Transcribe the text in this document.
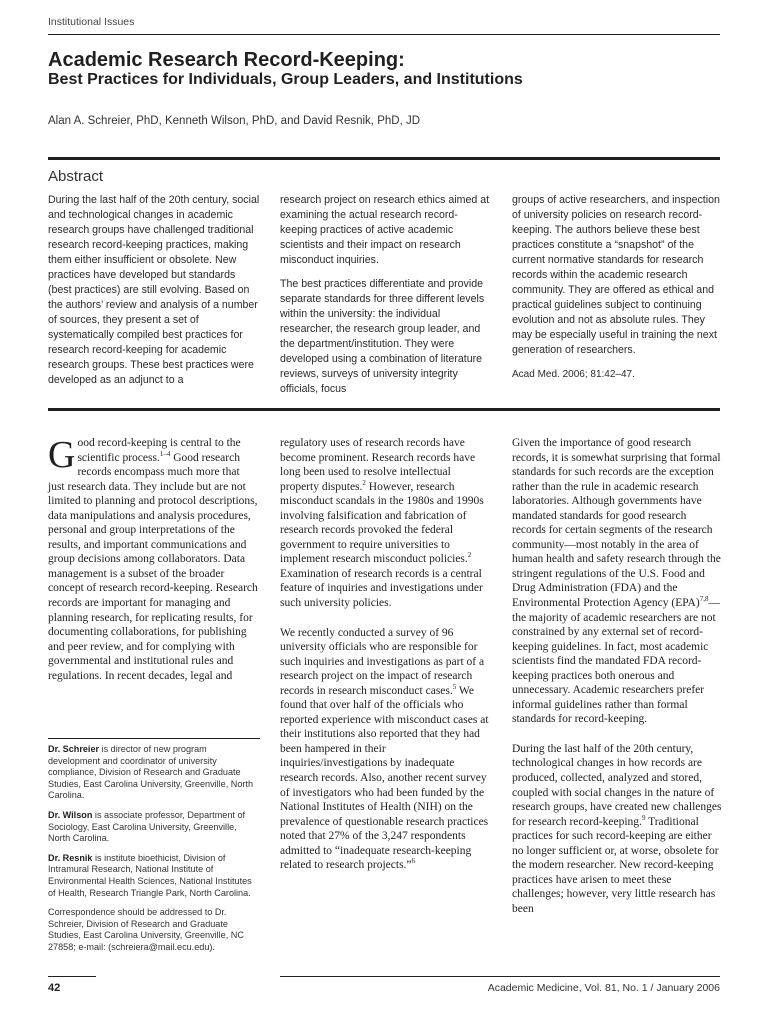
Institutional Issues
Academic Research Record-Keeping:
Best Practices for Individuals, Group Leaders, and Institutions
Alan A. Schreier, PhD, Kenneth Wilson, PhD, and David Resnik, PhD, JD
Abstract

During the last half of the 20th century, social and technological changes in academic research groups have challenged traditional research record-keeping practices, making them either insufficient or obsolete. New practices have developed but standards (best practices) are still evolving. Based on the authors’ review and analysis of a number of sources, they present a set of systematically compiled best practices for research record-keeping for academic research groups. These best practices were developed as an adjunct to a

research project on research ethics aimed at examining the actual research record-keeping practices of active academic scientists and their impact on research misconduct inquiries.

The best practices differentiate and provide separate standards for three different levels within the university: the individual researcher, the research group leader, and the department/institution. They were developed using a combination of literature reviews, surveys of university integrity officials, focus

groups of active researchers, and inspection of university policies on research record-keeping. The authors believe these best practices constitute a “snapshot” of the current normative standards for research records within the academic research community. They are offered as ethical and practical guidelines subject to continuing evolution and not as absolute rules. They may be especially useful in training the next generation of researchers.

Acad Med. 2006; 81:42–47.

Good record-keeping is central to the scientific process.$^{1-4}$ Good research records encompass much more that just research data. They include but are not limited to planning and protocol descriptions, data manipulations and analysis procedures, personal and group interpretations of the results, and important communications and group decisions among collaborators. Data management is a subset of the broader concept of research record-keeping. Research records are important for managing and planning research, for replicating results, for documenting collaborations, for publishing and peer review, and for complying with governmental and institutional rules and regulations. In recent decades, legal and

regulatory uses of research records have become prominent. Research records have long been used to resolve intellectual property disputes.$^2$ However, research misconduct scandals in the 1980s and 1990s involving falsification and fabrication of research records provoked the federal government to require universities to implement research misconduct policies.$^2$ Examination of research records is a central feature of inquiries and investigations under such university policies.

We recently conducted a survey of 96 university officials who are responsible for such inquiries and investigations as part of a research project on the impact of research records in research misconduct cases.$^5$ We found that over half of the officials who reported experience with misconduct cases at their institutions also reported that they had been hampered in their inquiries/investigations by inadequate research records. Also, another recent survey of investigators who had been funded by the National Institutes of Health (NIH) on the prevalence of questionable research practices noted that 27% of the 3,247 respondents admitted to “inadequate research-keeping related to research projects.”$^6$

Given the importance of good research records, it is somewhat surprising that formal standards for such records are the exception rather than the rule in academic research laboratories. Although governments have mandated standards for good research records for certain segments of the research community—most notably in the area of human health and safety research through the stringent regulations of the U.S. Food and Drug Administration (FDA) and the Environmental Protection Agency (EPA)$^{7,8}$—the majority of academic researchers are not constrained by any external set of record-keeping guidelines. In fact, most academic scientists find the mandated FDA record-keeping practices both onerous and unnecessary. Academic researchers prefer informal guidelines rather than formal standards for record-keeping.

During the last half of the 20th century, technological changes in how records are produced, collected, analyzed and stored, coupled with social changes in the nature of research groups, have created new challenges for research record-keeping.$^9$ Traditional practices for such record-keeping are either no longer sufficient or, at worse, obsolete for the modern researcher. New record-keeping practices have arisen to meet these challenges; however, very little research has been

Dr. Schreier is director of new program development and coordinator of university compliance, Division of Research and Graduate Studies, East Carolina University, Greenville, North Carolina.

Dr. Wilson is associate professor, Department of Sociology, East Carolina University, Greenville, North Carolina.

Dr. Resnik is institute bioethicist, Division of Intramural Research, National Institute of Environmental Health Sciences, National Institutes of Health, Research Triangle Park, North Carolina.

Correspondence should be addressed to Dr. Schreier, Division of Research and Graduate Studies, East Carolina University, Greenville, NC 27858; e-mail: (schreiera@mail.ecu.edu).

42	Academic Medicine, Vol. 81, No. 1 / January 2006
